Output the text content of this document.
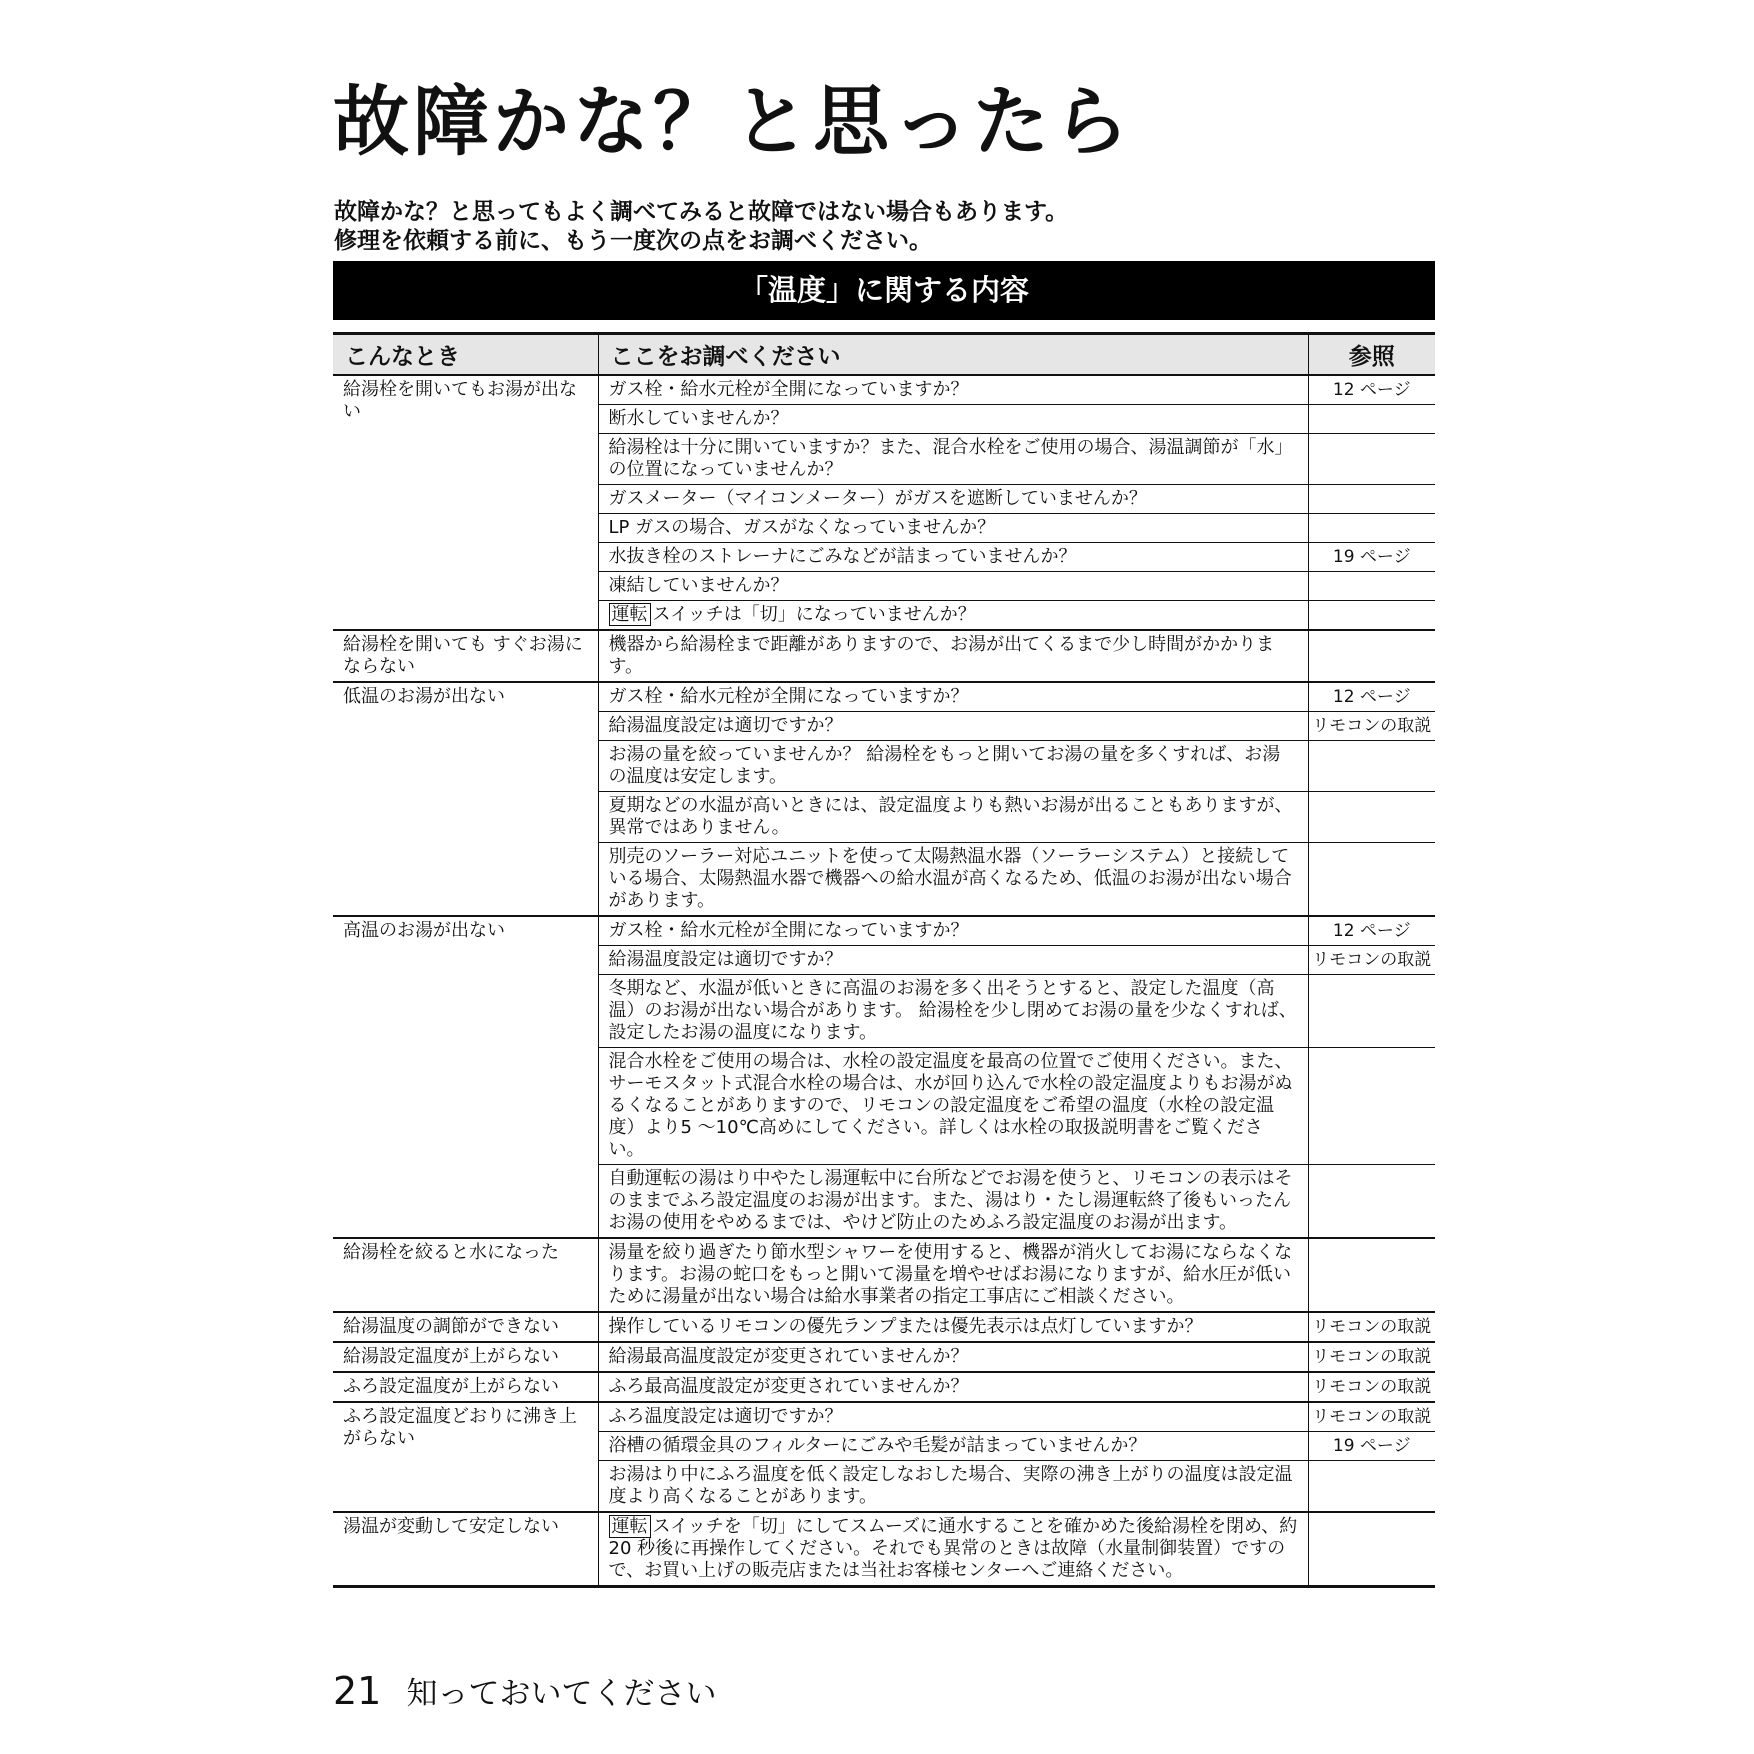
故障かな？と思ったら
故障かな？と思ってもよく調べてみると故障ではない場合もあります。
修理を依頼する前に、もう一度次の点をお調べください。
「温度」に関する内容
こんなとき	ここをお調べください	参照
給湯栓を開いてもお湯が出ない	ガス栓・給水元栓が全開になっていますか？	12 ページ
	断水していませんか？	
	給湯栓は十分に開いていますか？また、混合水栓をご使用の場合、湯温調節が「水」の位置になっていませんか？	
	ガスメーター（マイコンメーター）がガスを遮断していませんか？	
	LP ガスの場合、ガスがなくなっていませんか？	
	水抜き栓のストレーナにごみなどが詰まっていませんか？	19 ページ
	凍結していませんか？	
	運転 スイッチは「切」になっていませんか？	
給湯栓を開いても すぐお湯にならない	機器から給湯栓まで距離がありますので、お湯が出てくるまで少し時間がかかります。	
低温のお湯が出ない	ガス栓・給水元栓が全開になっていますか？	12 ページ
	給湯温度設定は適切ですか？	リモコンの取説
	お湯の量を絞っていませんか？ 給湯栓をもっと開いてお湯の量を多くすれば、お湯の温度は安定します。	
	夏期などの水温が高いときには、設定温度よりも熱いお湯が出ることもありますが、異常ではありません。	
	別売のソーラー対応ユニットを使って太陽熱温水器（ソーラーシステム）と接続している場合、太陽熱温水器で機器への給水温が高くなるため、低温のお湯が出ない場合があります。	
高温のお湯が出ない	ガス栓・給水元栓が全開になっていますか？	12 ページ
	給湯温度設定は適切ですか？	リモコンの取説
	冬期など、水温が低いときに高温のお湯を多く出そうとすると、設定した温度（高温）のお湯が出ない場合があります。 給湯栓を少し閉めてお湯の量を少なくすれば、設定したお湯の温度になります。	
	混合水栓をご使用の場合は、水栓の設定温度を最高の位置でご使用ください。また、サーモスタット式混合水栓の場合は、水が回り込んで水栓の設定温度よりもお湯がぬるくなることがありますので、リモコンの設定温度をご希望の温度（水栓の設定温度）より5 ～10℃高めにしてください。詳しくは水栓の取扱説明書をご覧ください。	
	自動運転の湯はり中やたし湯運転中に台所などでお湯を使うと、リモコンの表示はそのままでふろ設定温度のお湯が出ます。また、湯はり・たし湯運転終了後もいったんお湯の使用をやめるまでは、やけど防止のためふろ設定温度のお湯が出ます。	
給湯栓を絞ると水になった	湯量を絞り過ぎたり節水型シャワーを使用すると、機器が消火してお湯にならなくなります。お湯の蛇口をもっと開いて湯量を増やせばお湯になりますが、給水圧が低いために湯量が出ない場合は給水事業者の指定工事店にご相談ください。	
給湯温度の調節ができない	操作しているリモコンの優先ランプまたは優先表示は点灯していますか？	リモコンの取説
給湯設定温度が上がらない	給湯最高温度設定が変更されていませんか？	リモコンの取説
ふろ設定温度が上がらない	ふろ最高温度設定が変更されていませんか？	リモコンの取説
ふろ設定温度どおりに沸き上がらない	ふろ温度設定は適切ですか？	リモコンの取説
	浴槽の循環金具のフィルターにごみや毛髪が詰まっていませんか？	19 ページ
	お湯はり中にふろ温度を低く設定しなおした場合、実際の沸き上がりの温度は設定温度より高くなることがあります。	
湯温が変動して安定しない	運転 スイッチを「切」にしてスムーズに通水することを確かめた後給湯栓を閉め、約 20 秒後に再操作してください。それでも異常のときは故障（水量制御装置）ですので、お買い上げの販売店または当社お客様センターへご連絡ください。	
21 知っておいてください
